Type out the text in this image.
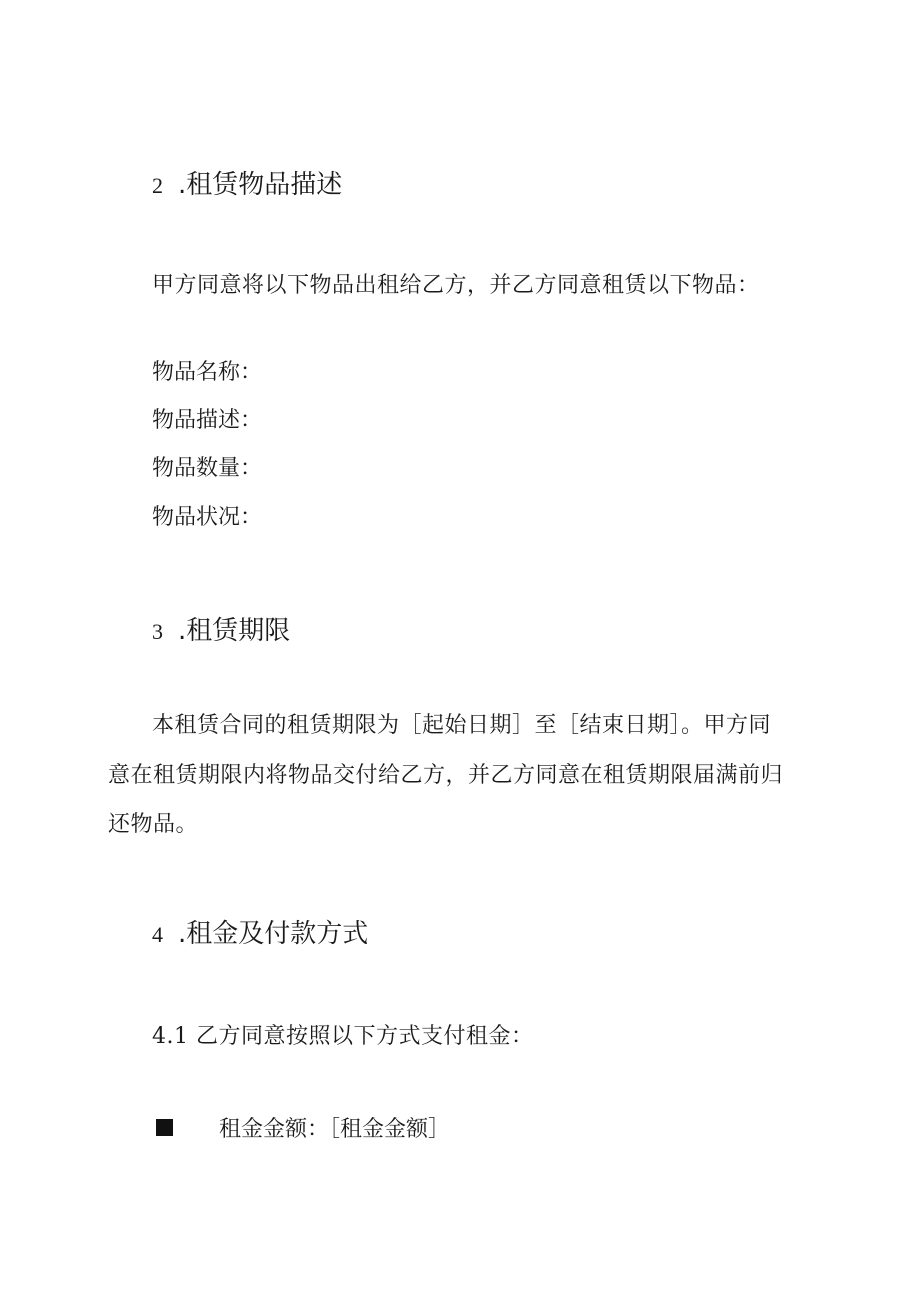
2 .租赁物品描述
甲方同意将以下物品出租给乙方，并乙方同意租赁以下物品：
物品名称：
物品描述：
物品数量：
物品状况：
3 .租赁期限
本租赁合同的租赁期限为［起始日期］至［结束日期］。甲方同
意在租赁期限内将物品交付给乙方，并乙方同意在租赁期限届满前归
还物品。
4 .租金及付款方式
4.1 乙方同意按照以下方式支付租金：
租金金额：［租金金额］
